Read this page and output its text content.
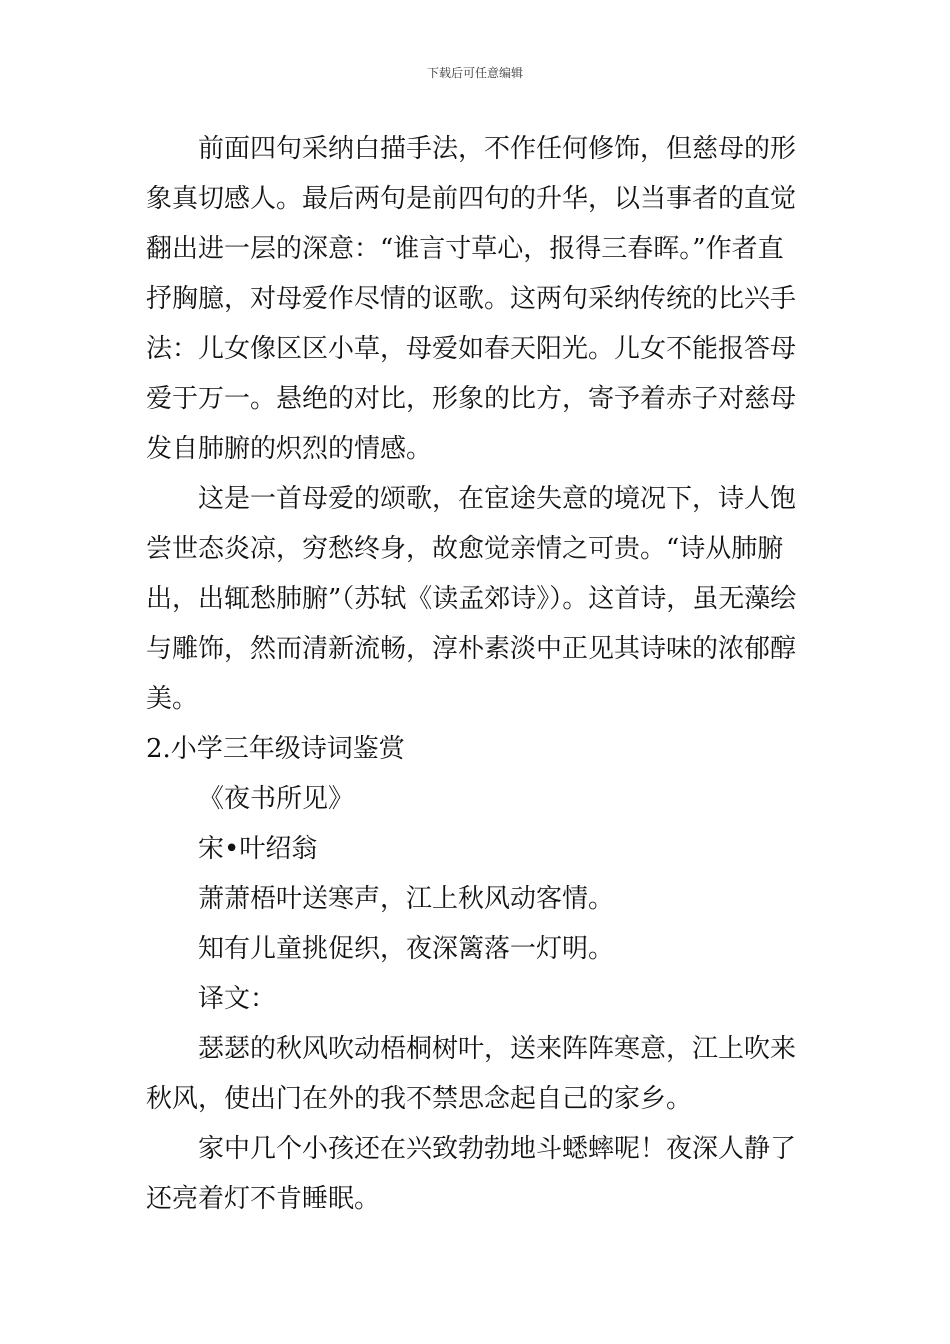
下载后可任意编辑

前面四句采纳白描手法，不作任何修饰，但慈母的形象真切感人。最后两句是前四句的升华，以当事者的直觉翻出进一层的深意：“谁言寸草心，报得三春晖。”作者直抒胸臆，对母爱作尽情的讴歌。这两句采纳传统的比兴手法：儿女像区区小草，母爱如春天阳光。儿女不能报答母爱于万一。悬绝的对比，形象的比方，寄予着赤子对慈母发自肺腑的炽烈的情感。

这是一首母爱的颂歌，在宦途失意的境况下，诗人饱尝世态炎凉，穷愁终身，故愈觉亲情之可贵。“诗从肺腑出，出辄愁肺腑”（苏轼《读孟郊诗》）。这首诗，虽无藻绘与雕饰，然而清新流畅，淳朴素淡中正见其诗味的浓郁醇美。

2.小学三年级诗词鉴赏

《夜书所见》

宋•叶绍翁

萧萧梧叶送寒声，江上秋风动客情。

知有儿童挑促织，夜深篱落一灯明。

译文：

瑟瑟的秋风吹动梧桐树叶，送来阵阵寒意，江上吹来秋风，使出门在外的我不禁思念起自己的家乡。

家中几个小孩还在兴致勃勃地斗蟋蟀呢！夜深人静了还亮着灯不肯睡眠。
